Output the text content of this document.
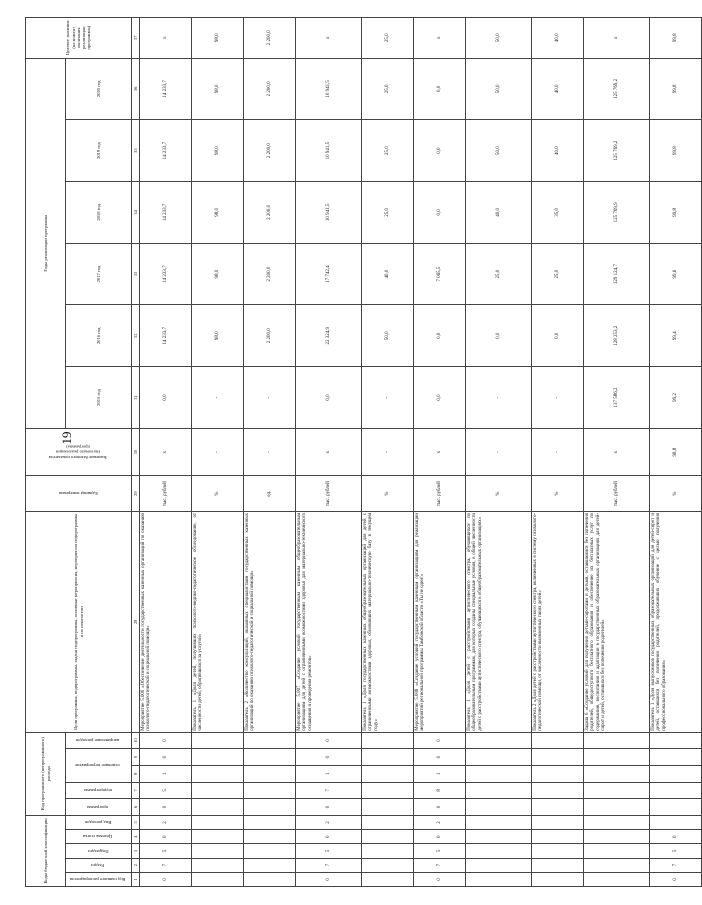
19
Коды бюджетной классификации					Код программного (непрограммного) расхода					Цели программы, подпрограммы, задачи подпрограммы, основные мероприятия, мероприятия подпрограммы и их показатели	Единица измерения	Значение базового показателя (на начало реализации программы)	Годы реализации программы						Целевое значение (на момент окончания реализации программы)
Код главного распорядителя	Раздел	Подраздел	Целевая статья	Вид расходов	программа	подпрограмма	основное мероприятие		направление расходов				2015 год	2016 год	2017 год	2018 год	2019 год	2020 год	
1	2	3	4	5	6	7	8	9	10	28	29	30	31	32	33	34	35	36	37
0	7	5	0	2	0	5	1	0	0	Мероприятие 5.006 «Обеспечение деятельности государственных казенных организаций по оказанию психолого-педагогической и социальной помощи»	тыс. рублей	х	0,0	14 233,7	14 233,7	14 233,7	14 233,7	14 233,7	х
										Показатель 1 «Доля детей, получивших психолого-медико-педагогическое обследование, от численности детей, обратившихся за услугой»	%	-	-	98,0	98,0	98,0	98,0	98,0	98,0
										Показатель 2 «Количество консультаций, оказанных специалистами государственных казенных организаций по оказанию психолого-педагогической и социальной помощи»	ед.	-	-	2 200,0	2 200,0	2 200,0	2 200,0	2 200,0	2 200,0
0	7	5	0	2	0	7	1	0	0	Мероприятие 5.007 «Создание условий государственным казенным общеобразовательным организациям для детей с ограниченными возможностями здоровья для материально-технического оснащения и проведения ремонтов»	тыс. рублей	х	0,0	22 324,9	17 742,4	10 941,5	10 941,5	10 941,5	х
										Показатель 1 «Доля государственных казенных общеобразовательных организаций для детей с ограниченными возможностями здоровья, обновивших материально-техническую базу в текущем году»	%	-	-	50,0	40,0	25,0	25,0	25,0	25,0
0	7	5	0	2	0	8	1	0	0	Мероприятие 5.008 «Создание условий государственным казенным организациям для реализации мероприятий региональной программы Тамбовской области «Ты не один!»	тыс. рублей	х	0,0	0,0	7 065,5	0,0	0,0	0,0	х
										Показатель 1 «Доля детей с расстройствами аутистического спектра, обучающихся по общеобразовательным программам, для которых созданы специальные условия, в общей численности детей с расстройствами аутистического спектра, обучающихся в общеобразовательных организациях»	%	-	-	0,0	25,0	40,0	50,0	50,0	50,0
										Показатель 2 «Доля детей с расстройствами аутистического спектра, включенных в систему психолого-педагогической помощи, от численности выявленных таких детей»	%	-	-	0,0	25,0	35,0	40,0	40,0	40,0
										Задача 6 «Создание условий для получения детьми-сиротами и детьми, оставшимися без попечения родителей, общедоступного бесплатного образования и обеспечение их бесплатных услуг по содержанию, воспитанию и адаптации в государственных образовательных организациях для детей-сирот и детей, оставшихся без попечения родителей»	тыс. рублей	х	137 586,2	128 253,2	129 124,7	125 769,9	125 769,2	125 769,2	х
0	7	5	0							Показатель 1 «Доля выпускников государственных образовательных организаций для детей-сирот и детей, оставшихся без попечения родителей, продолживших обучение с целью получения профессионального образования»	%	98,8	99,2	99,4	99,6	99,8	99,8	99,8	99,8
